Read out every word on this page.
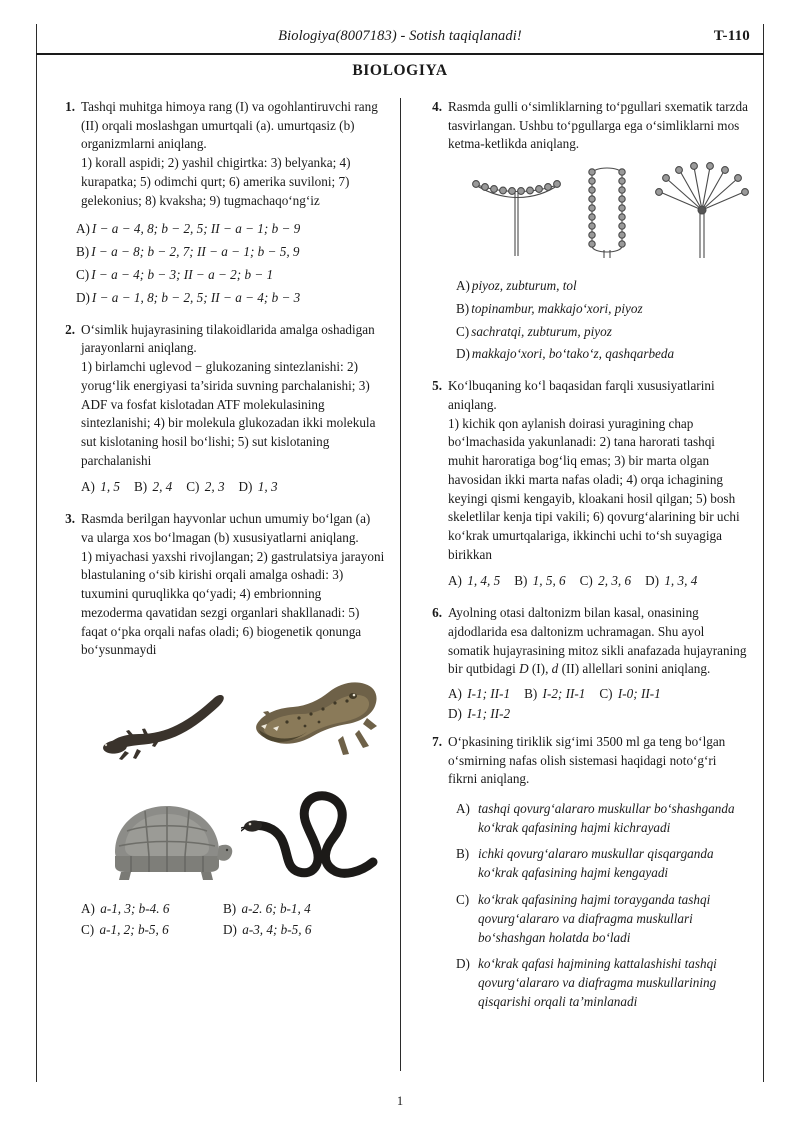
Biologiya(8007183) - Sotish taqiqlanadi!	T-110
BIOLOGIYA
1. Tashqi muhitga himoya rang (I) va ogohlantiruvchi rang (II) orqali moslashgan umurtqali (a). umurtqasiz (b) organizmlarni aniqlang.
1) korall aspidi; 2) yashil chigirtka: 3) belyanka; 4) kurapatka; 5) odimchi qurt; 6) amerika suviloni; 7) gelekonius; 8) kvaksha; 9) tugmachaqo‘ng‘iz
A) I − a − 4, 8; b − 2, 5; II − a − 1; b − 9
B) I − a − 8; b − 2, 7; II − a − 1; b − 5, 9
C) I − a − 4; b − 3; II − a − 2; b − 1
D) I − a − 1, 8; b − 2, 5; II − a − 4; b − 3
2. O‘simlik hujayrasining tilakoidlarida amalga oshadigan jarayonlarni aniqlang.
1) birlamchi uglevod − glukozaning sintezlanishi: 2) yorug‘lik energiyasi ta’sirida suvning parchalanishi; 3) ADF va fosfat kislotadan ATF molekulasining sintezlanishi; 4) bir molekula glukozadan ikki molekula sut kislotaning hosil bo‘lishi; 5) sut kislotaning parchalanishi
A) 1, 5 B) 2, 4 C) 2, 3 D) 1, 3
3. Rasmda berilgan hayvonlar uchun umumiy bo‘lgan (a) va ularga xos bo‘lmagan (b) xususiyatlarni aniqlang.
1) miyachasi yaxshi rivojlangan; 2) gastrulatsiya jarayoni blastulaning o‘sib kirishi orqali amalga oshadi: 3) tuxumini quruqlikka qo‘yadi; 4) embrionning mezoderma qavatidan sezgi organlari shakllanadi: 5) faqat o‘pka orqali nafas oladi; 6) biogenetik qonunga bo‘ysunmaydi
A) a-1, 3; b-4. 6	B) a-2. 6; b-1, 4
C) a-1, 2; b-5, 6	D) a-3, 4; b-5, 6
4. Rasmda gulli o‘simliklarning to‘pgullari sxematik tarzda tasvirlangan. Ushbu to‘pgullarga ega o‘simliklarni mos ketma-ketlikda aniqlang.
A) piyoz, zubturum, tol
B) topinambur, makkajo‘xori, piyoz
C) sachratqi, zubturum, piyoz
D) makkajo‘xori, bo‘tako‘z, qashqarbeda
5. Ko‘lbuqaning ko‘l baqasidan farqli xususiyatlarini aniqlang.
1) kichik qon aylanish doirasi yuragining chap bo‘lmachasida yakunlanadi: 2) tana harorati tashqi muhit haroratiga bog‘liq emas; 3) bir marta olgan havosidan ikki marta nafas oladi; 4) orqa ichagining keyingi qismi kengayib, kloakani hosil qilgan; 5) bosh skeletlilar kenja tipi vakili; 6) qovurg‘alarining bir uchi ko‘krak umurtqalariga, ikkinchi uchi to‘sh suyagiga birikkan
A) 1, 4, 5 B) 1, 5, 6 C) 2, 3, 6 D) 1, 3, 4
6. Ayolning otasi daltonizm bilan kasal, onasining ajdodlarida esa daltonizm uchramagan. Shu ayol somatik hujayrasining mitoz sikli anafazada hujayraning bir qutbidagi D (I), d (II) allellari sonini aniqlang.
A) I-1; II-1 B) I-2; II-1 C) I-0; II-1
D) I-1; II-2
7. O‘pkasining tiriklik sig‘imi 3500 ml ga teng bo‘lgan o‘smirning nafas olish sistemasi haqidagi noto‘g‘ri fikrni aniqlang.
A) tashqi qovurg‘alararo muskullar bo‘shashganda ko‘krak qafasining hajmi kichrayadi
B) ichki qovurg‘alararo muskullar qisqarganda ko‘krak qafasining hajmi kengayadi
C) ko‘krak qafasining hajmi torayganda tashqi qovurg‘alararo va diafragma muskullari bo‘shashgan holatda bo‘ladi
D) ko‘krak qafasi hajmining kattalashishi tashqi qovurg‘alararo va diafragma muskullarining qisqarishi orqali ta’minlanadi
1
